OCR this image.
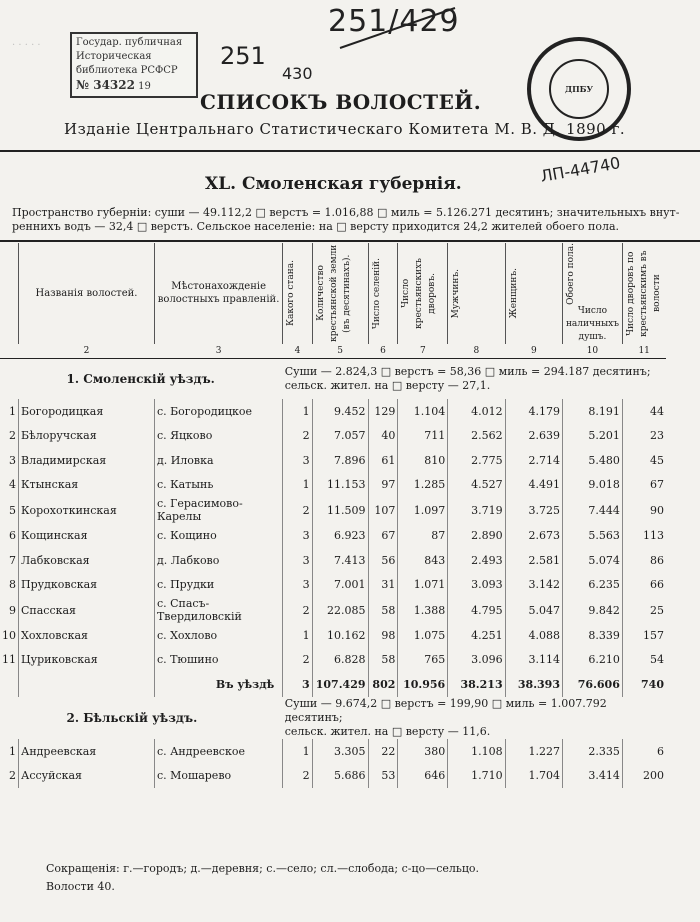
· · · · ·	Государ. публичная
Историческая
библиотека РСФСР
№ 34322 19	ДПБУ
251/429
251
430
ЛП-44740
СПИСОКЪ ВОЛОСТЕЙ.
Изданіе Центральнаго Статистическаго Комитета М. В. Д. 1890 г.
XL. Смоленская губернія.
Пространство губерніи: суши — 49.112,2 □ верстъ = 1.016,88 □ миль = 5.126.271 десятинъ; значительныхъ внут-
реннихъ водъ — 32,4 □ верстъ. Сельское населеніе: на □ версту приходится 24,2 жителей обоего пола.
	Названія волостей.	Мѣстонахожденіе волостныхъ правленій.	Какого стана.	Количество крестьянской земли (въ десятинахъ).	Число селеній.	Число крестьянскихъ дворовъ.	Мужчинъ.	Женщинъ.	Обоего пола.
Число наличныхъ душъ.	Число дворовъ по крестьянскимъ въ волости

	2	3	4	5	6	7	8	9	10	11
	1. Смоленскій уѣздъ.		Суши — 2.824,3 □ верстъ = 58,36 □ миль = 294.187 десятинъ;
сельск. жител. на □ версту — 27,1.							

1	Богородицкая	с. Богородицкое	1	9.452	129	1.104	4.012	4.179	8.191	44
2	Бѣлоручская	с. Яцково	2	7.057	40	711	2.562	2.639	5.201	23
3	Владимирская	д. Иловка	3	7.896	61	810	2.775	2.714	5.480	45
4	Ктынская	с. Катынь	1	11.153	97	1.285	4.527	4.491	9.018	67
5	Корохоткинская	с. Герасимово-Карелы	2	11.509	107	1.097	3.719	3.725	7.444	90
6	Кощинская	с. Кощино	3	6.923	67	87	2.890	2.673	5.563	113
7	Лабковская	д. Лабково	3	7.413	56	843	2.493	2.581	5.074	86
8	Прудковская	с. Прудки	3	7.001	31	1.071	3.093	3.142	6.235	66
9	Спасская	с. Спасъ-Твердиловскій	2	22.085	58	1.388	4.795	5.047	9.842	25
10	Хохловская	с. Хохлово	1	10.162	98	1.075	4.251	4.088	8.339	157
11	Цуриковская	с. Тюшино	2	6.828	58	765	3.096	3.114	6.210	54
		Въ уѣздѣ	3	107.429	802	10.956	38.213	38.393	76.606	740
	2. Бѣльскій уѣздъ.		Суши — 9.674,2 □ верстъ = 199,90 □ миль = 1.007.792 десятинъ;
сельск. жител. на □ версту — 11,6.							

1	Андреевская	с. Андреевское	1	3.305	22	380	1.108	1.227	2.335	6
2	Ассуйская	с. Мошарево	2	5.686	53	646	1.710	1.704	3.414	200
Сокращенія: г.—городъ; д.—деревня; с.—село; сл.—слобода; с-цо—сельцо.
Волости 40.
